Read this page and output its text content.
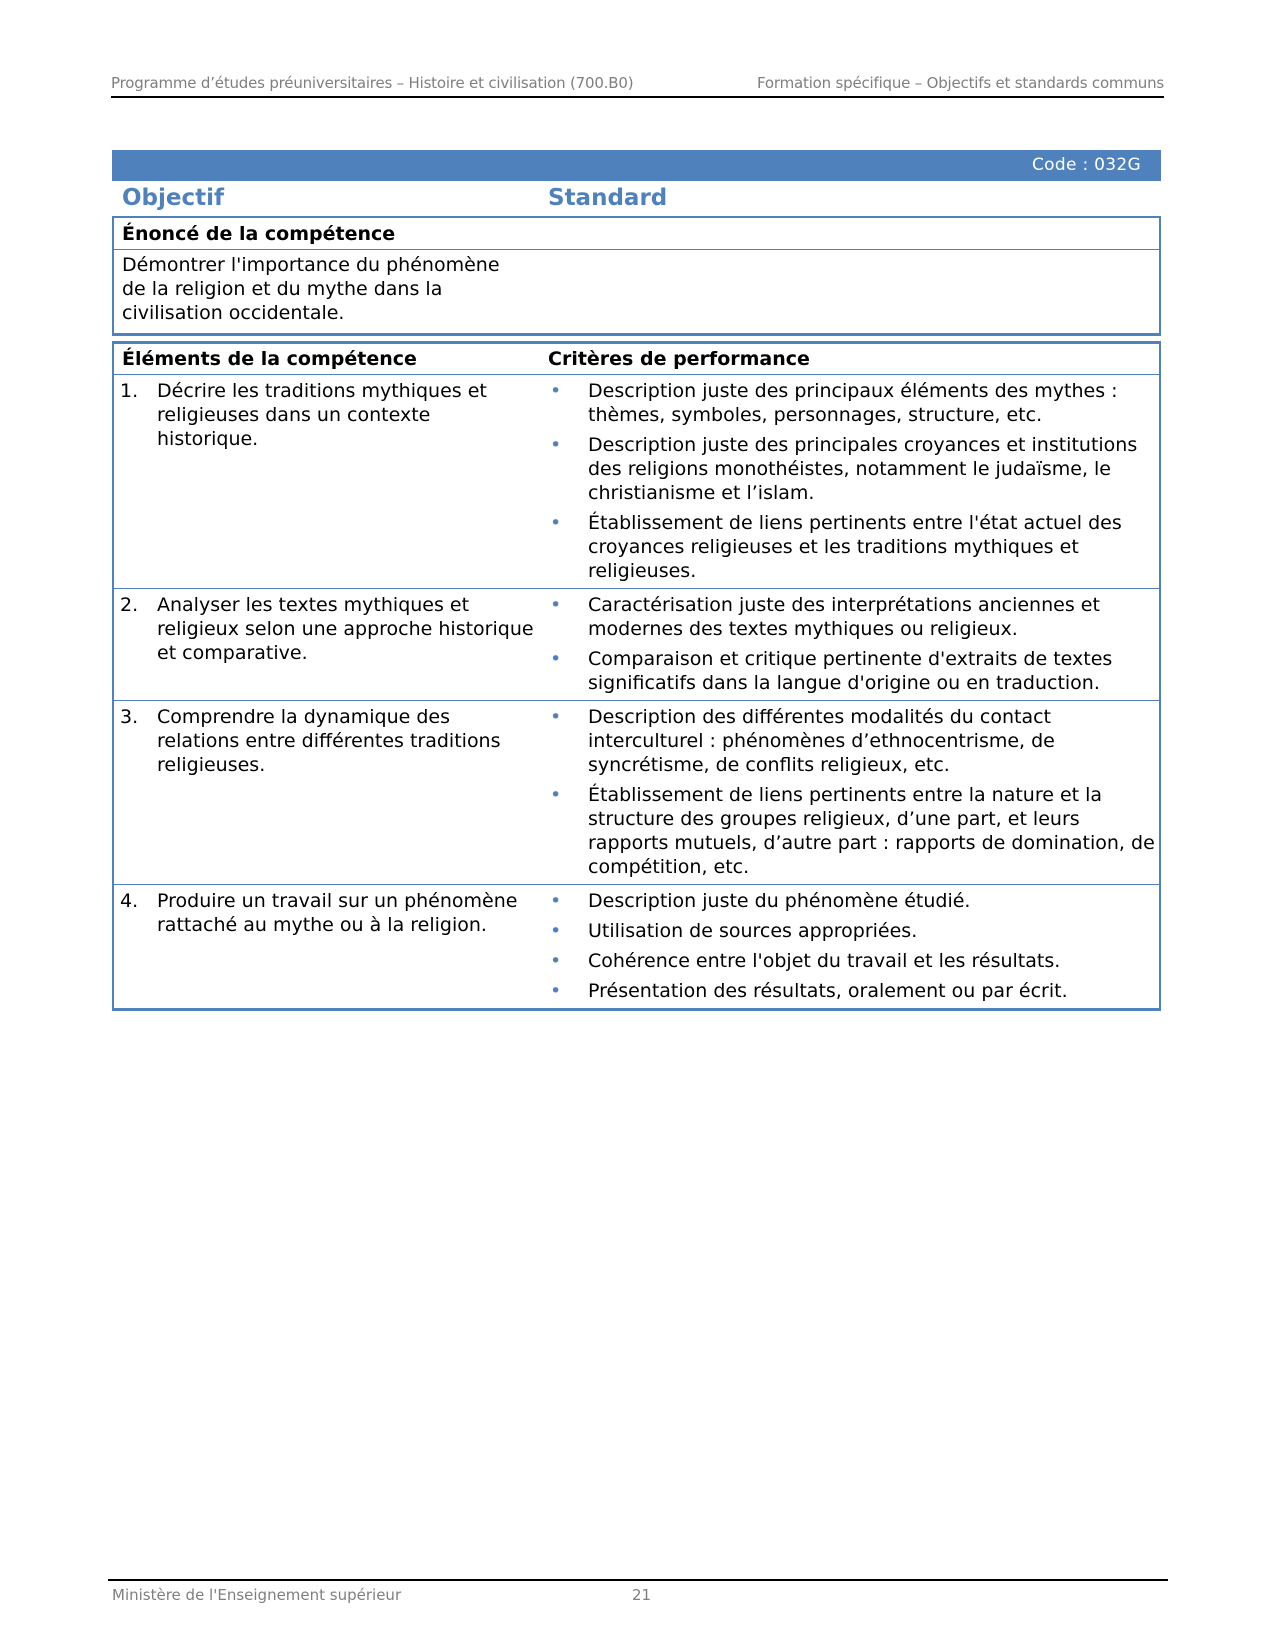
Programme d’études préuniversitaires – Histoire et civilisation (700.B0)	Formation spécifique – Objectifs et standards communs
Code : 032G
Objectif	Standard
Énoncé de la compétence
Démontrer l'importance du phénomène de la religion et du mythe dans la civilisation occidentale.
Éléments de la compétence	Critères de performance
1. Décrire les traditions mythiques et religieuses dans un contexte historique.
•	Description juste des principaux éléments des mythes : thèmes, symboles, personnages, structure, etc.
•	Description juste des principales croyances et institutions des religions monothéistes, notamment le judaïsme, le christianisme et l’islam.
•	Établissement de liens pertinents entre l'état actuel des croyances religieuses et les traditions mythiques et religieuses.
2. Analyser les textes mythiques et religieux selon une approche historique et comparative.
•	Caractérisation juste des interprétations anciennes et modernes des textes mythiques ou religieux.
•	Comparaison et critique pertinente d'extraits de textes significatifs dans la langue d'origine ou en traduction.
3. Comprendre la dynamique des relations entre différentes traditions religieuses.
•	Description des différentes modalités du contact interculturel : phénomènes d’ethnocentrisme, de syncrétisme, de conflits religieux, etc.
•	Établissement de liens pertinents entre la nature et la structure des groupes religieux, d’une part, et leurs rapports mutuels, d’autre part : rapports de domination, de compétition, etc.
4. Produire un travail sur un phénomène rattaché au mythe ou à la religion.
•	Description juste du phénomène étudié.
•	Utilisation de sources appropriées.
•	Cohérence entre l'objet du travail et les résultats.
•	Présentation des résultats, oralement ou par écrit.
Ministère de l'Enseignement supérieur	21
